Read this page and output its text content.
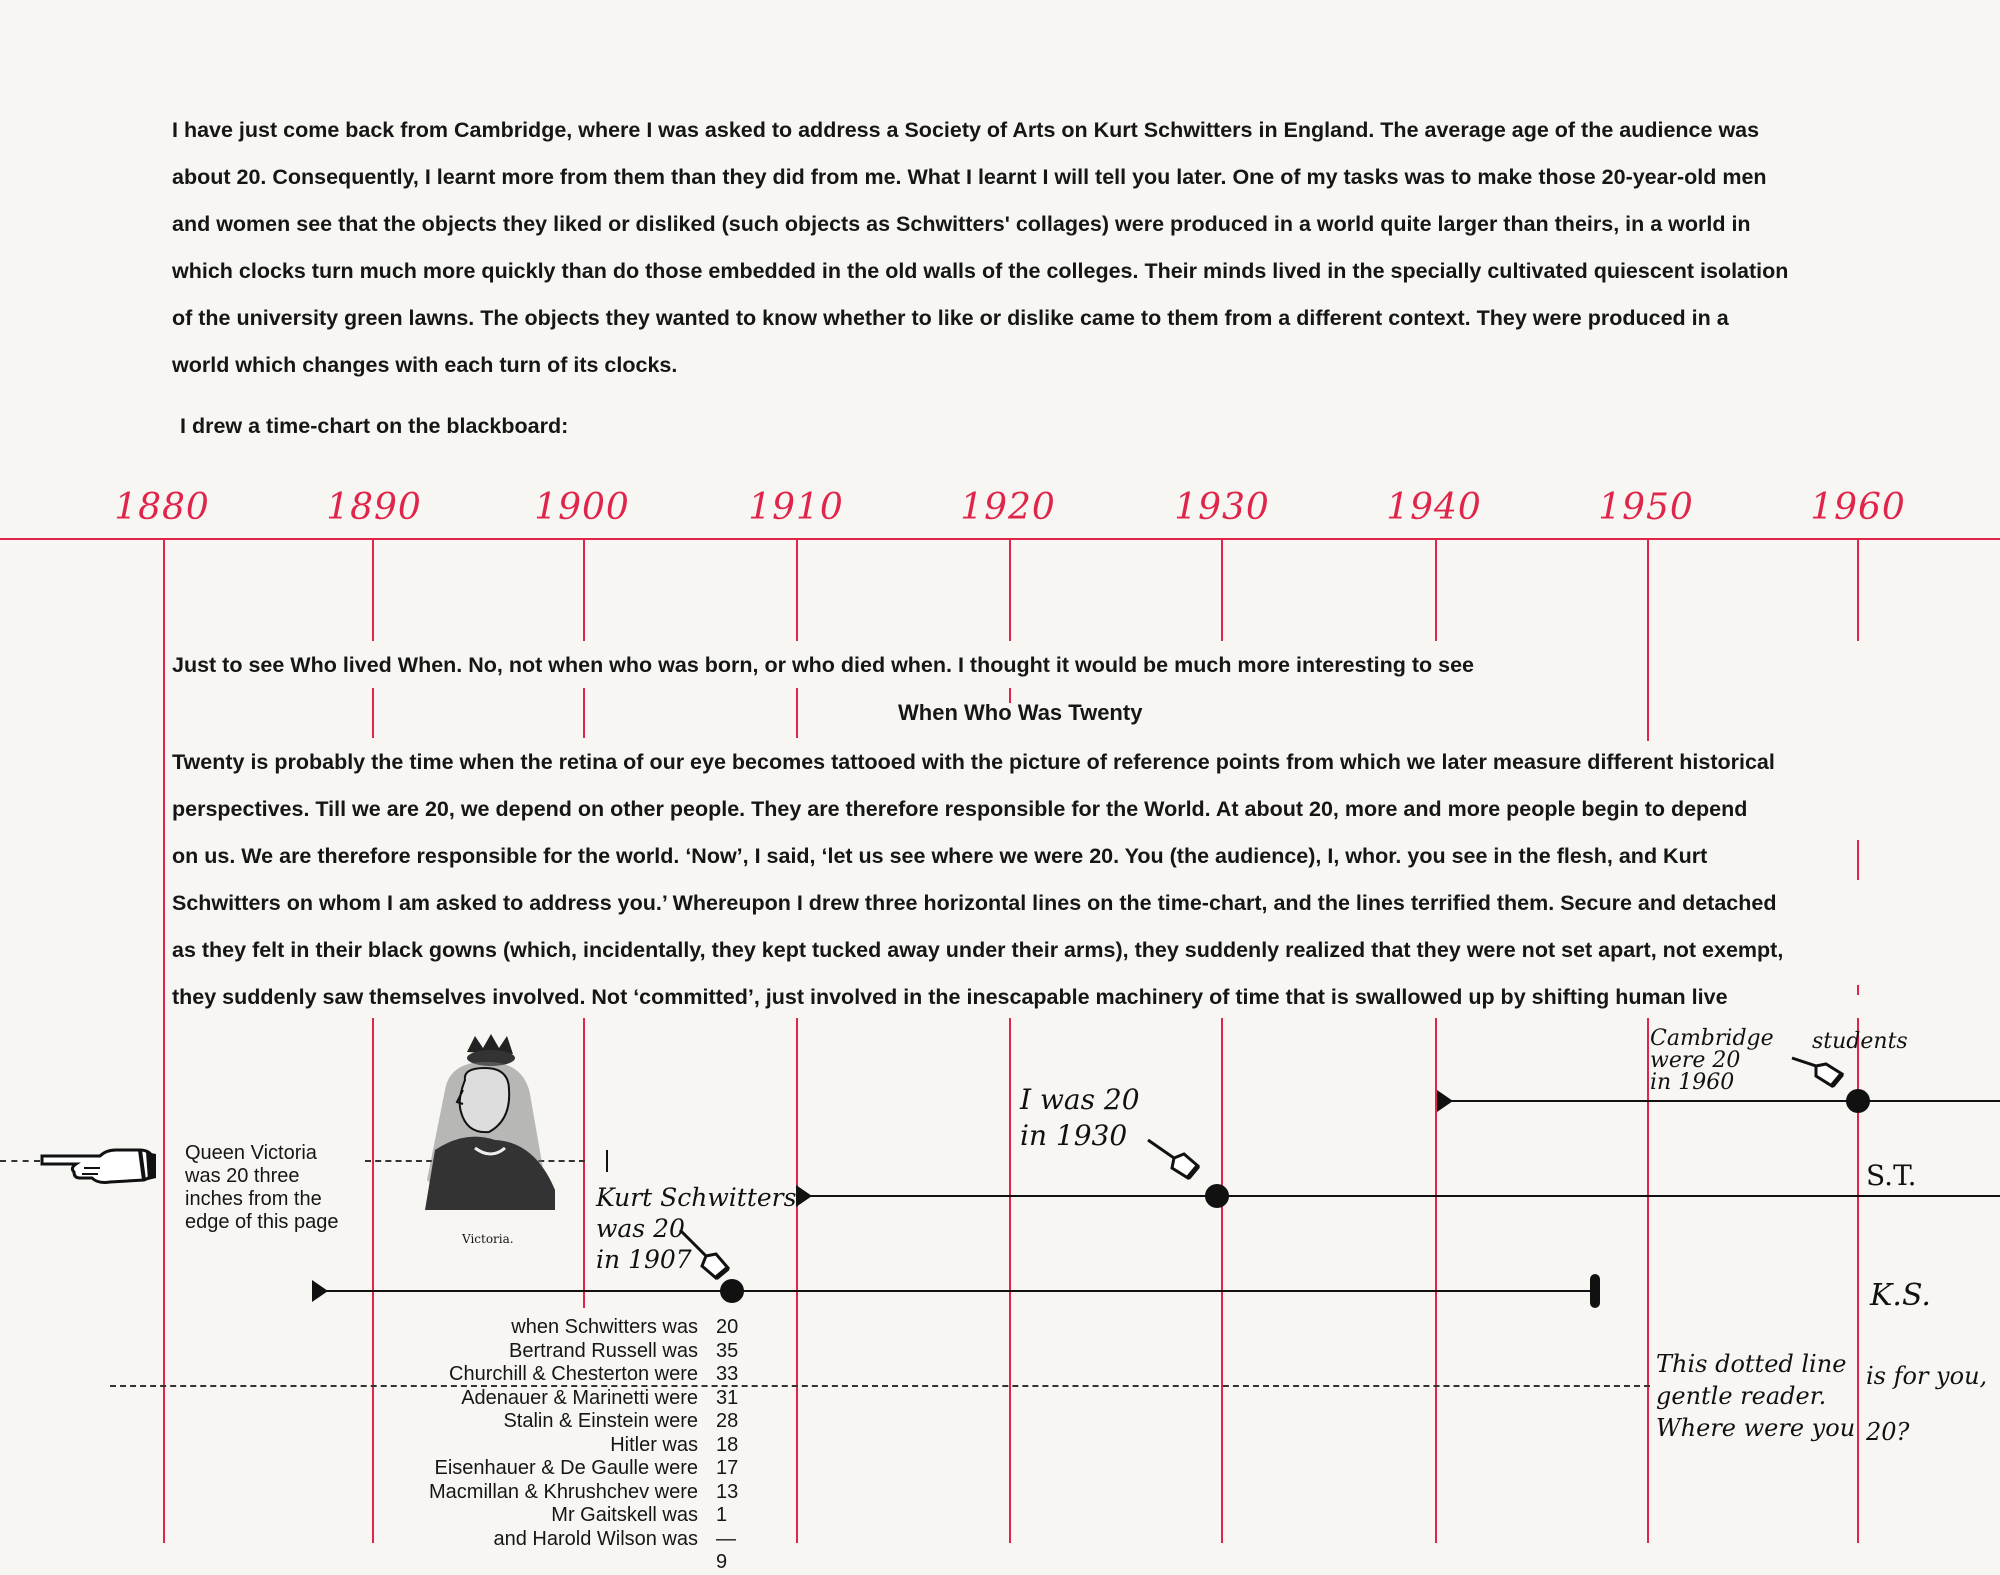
I have just come back from Cambridge, where I was asked to address a Society of Arts on Kurt Schwitters in England. The average age of the audience was
about 20. Consequently, I learnt more from them than they did from me. What I learnt I will tell you later. One of my tasks was to make those 20-year-old men
and women see that the objects they liked or disliked (such objects as Schwitters' collages) were produced in a world quite larger than theirs, in a world in
which clocks turn much more quickly than do those embedded in the old walls of the colleges. Their minds lived in the specially cultivated quiescent isolation
of the university green lawns. The objects they wanted to know whether to like or dislike came to them from a different context. They were produced in a
world which changes with each turn of its clocks.
I drew a time-chart on the blackboard:
1880	1890	1900	1910	1920	1930	1940	1950	1960
Just to see Who lived When. No, not when who was born, or who died when. I thought it would be much more interesting to see
When Who Was Twenty
Twenty is probably the time when the retina of our eye becomes tattooed with the picture of reference points from which we later measure different historical
perspectives. Till we are 20, we depend on other people. They are therefore responsible for the World. At about 20, more and more people begin to depend
on us. We are therefore responsible for the world. ‘Now’, I said, ‘let us see where we were 20. You (the audience), I, whor. you see in the flesh, and Kurt
Schwitters on whom I am asked to address you.’ Whereupon I drew three horizontal lines on the time-chart, and the lines terrified them. Secure and detached
as they felt in their black gowns (which, incidentally, they kept tucked away under their arms), they suddenly realized that they were not set apart, not exempt,
they suddenly saw themselves involved. Not ‘committed’, just involved in the inescapable machinery of time that is swallowed up by shifting human live
Queen Victoria
was 20 three
inches from the
edge of this page
Victoria.
Kurt Schwitters
was 20
in 1907
I was 20
in 1930
Cambridge
were 20
in 1960
students
S.T.
K.S.
This dotted line
gentle reader.
Where were you
is for you,
20?
when Schwitters was 20
Bertrand Russell was 35
Churchill & Chesterton were 33
Adenauer & Marinetti were 31
Stalin & Einstein were 28
Hitler was 18
Eisenhauer & De Gaulle were 17
Macmillan & Khrushchev were 13
Mr Gaitskell was 1
and Harold Wilson was —9
